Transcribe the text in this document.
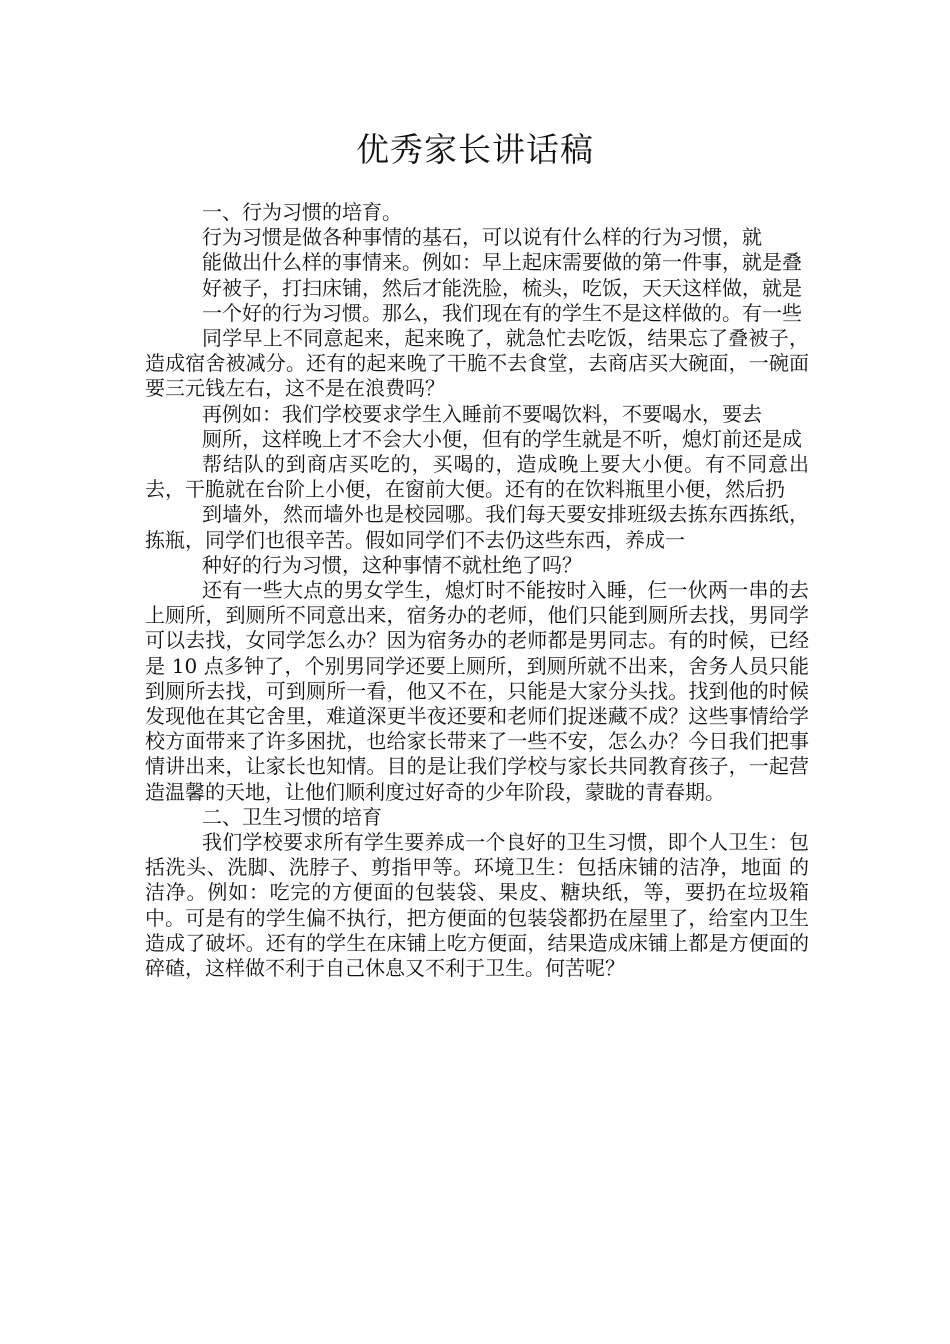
优秀家长讲话稿

一、行为习惯的培育。

行为习惯是做各种事情的基石，可以说有什么样的行为习惯，就

能做出什么样的事情来。例如：早上起床需要做的第一件事，就是叠

好被子，打扫床铺，然后才能洗脸，梳头，吃饭，天天这样做，就是

一个好的行为习惯。那么，我们现在有的学生不是这样做的。有一些

同学早上不同意起来，起来晚了，就急忙去吃饭，结果忘了叠被子，造成宿舍被减分。还有的起来晚了干脆不去食堂，去商店买大碗面，一碗面要三元钱左右，这不是在浪费吗？

再例如：我们学校要求学生入睡前不要喝饮料，不要喝水，要去

厕所，这样晚上才不会大小便，但有的学生就是不听，熄灯前还是成

帮结队的到商店买吃的，买喝的，造成晚上要大小便。有不同意出去，干脆就在台阶上小便，在窗前大便。还有的在饮料瓶里小便，然后扔

到墙外，然而墙外也是校园哪。我们每天要安排班级去拣东西拣纸，拣瓶，同学们也很辛苦。假如同学们不去仍这些东西，养成一

种好的行为习惯，这种事情不就杜绝了吗？

还有一些大点的男女学生，熄灯时不能按时入睡，仨一伙两一串的去上厕所，到厕所不同意出来，宿务办的老师，他们只能到厕所去找，男同学可以去找，女同学怎么办？因为宿务办的老师都是男同志。有的时候，已经是 10 点多钟了，个别男同学还要上厕所，到厕所就不出来，舍务人员只能到厕所去找，可到厕所一看，他又不在，只能是大家分头找。找到他的时候发现他在其它舍里，难道深更半夜还要和老师们捉迷藏不成？这些事情给学校方面带来了许多困扰，也给家长带来了一些不安，怎么办？今日我们把事情讲出来，让家长也知情。目的是让我们学校与家长共同教育孩子，一起营造温馨的天地，让他们顺利度过好奇的少年阶段，蒙眬的青春期。

二、卫生习惯的培育

我们学校要求所有学生要养成一个良好的卫生习惯，即个人卫生：包括洗头、洗脚、洗脖子、剪指甲等。环境卫生：包括床铺的洁净，地面 的洁净。例如：吃完的方便面的包装袋、果皮、糖块纸，等，要扔在垃圾箱中。可是有的学生偏不执行，把方便面的包装袋都扔在屋里了，给室内卫生造成了破坏。还有的学生在床铺上吃方便面，结果造成床铺上都是方便面的碎碴，这样做不利于自己休息又不利于卫生。何苦呢？
